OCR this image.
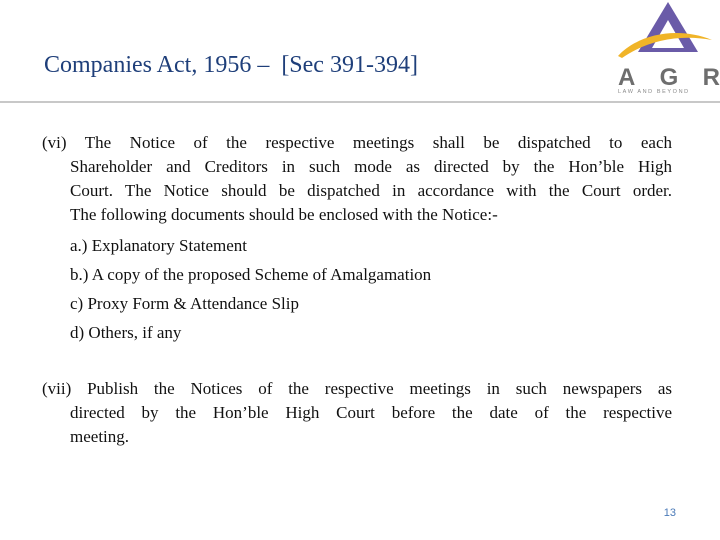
Companies Act, 1956 –  [Sec 391-394]	A G R
LAW AND BEYOND
(vi) The Notice of the respective meetings shall be dispatched to each
Shareholder and Creditors in such mode as directed by the Hon’ble High
Court. The Notice should be dispatched in accordance with the Court order.
The following documents should be enclosed with the Notice:-
a.) Explanatory Statement
b.) A copy of the proposed Scheme of Amalgamation
c) Proxy Form & Attendance Slip
d) Others, if any
(vii) Publish the Notices of the respective meetings in such newspapers as
directed by the Hon’ble High Court before the date of the respective
meeting.
13
